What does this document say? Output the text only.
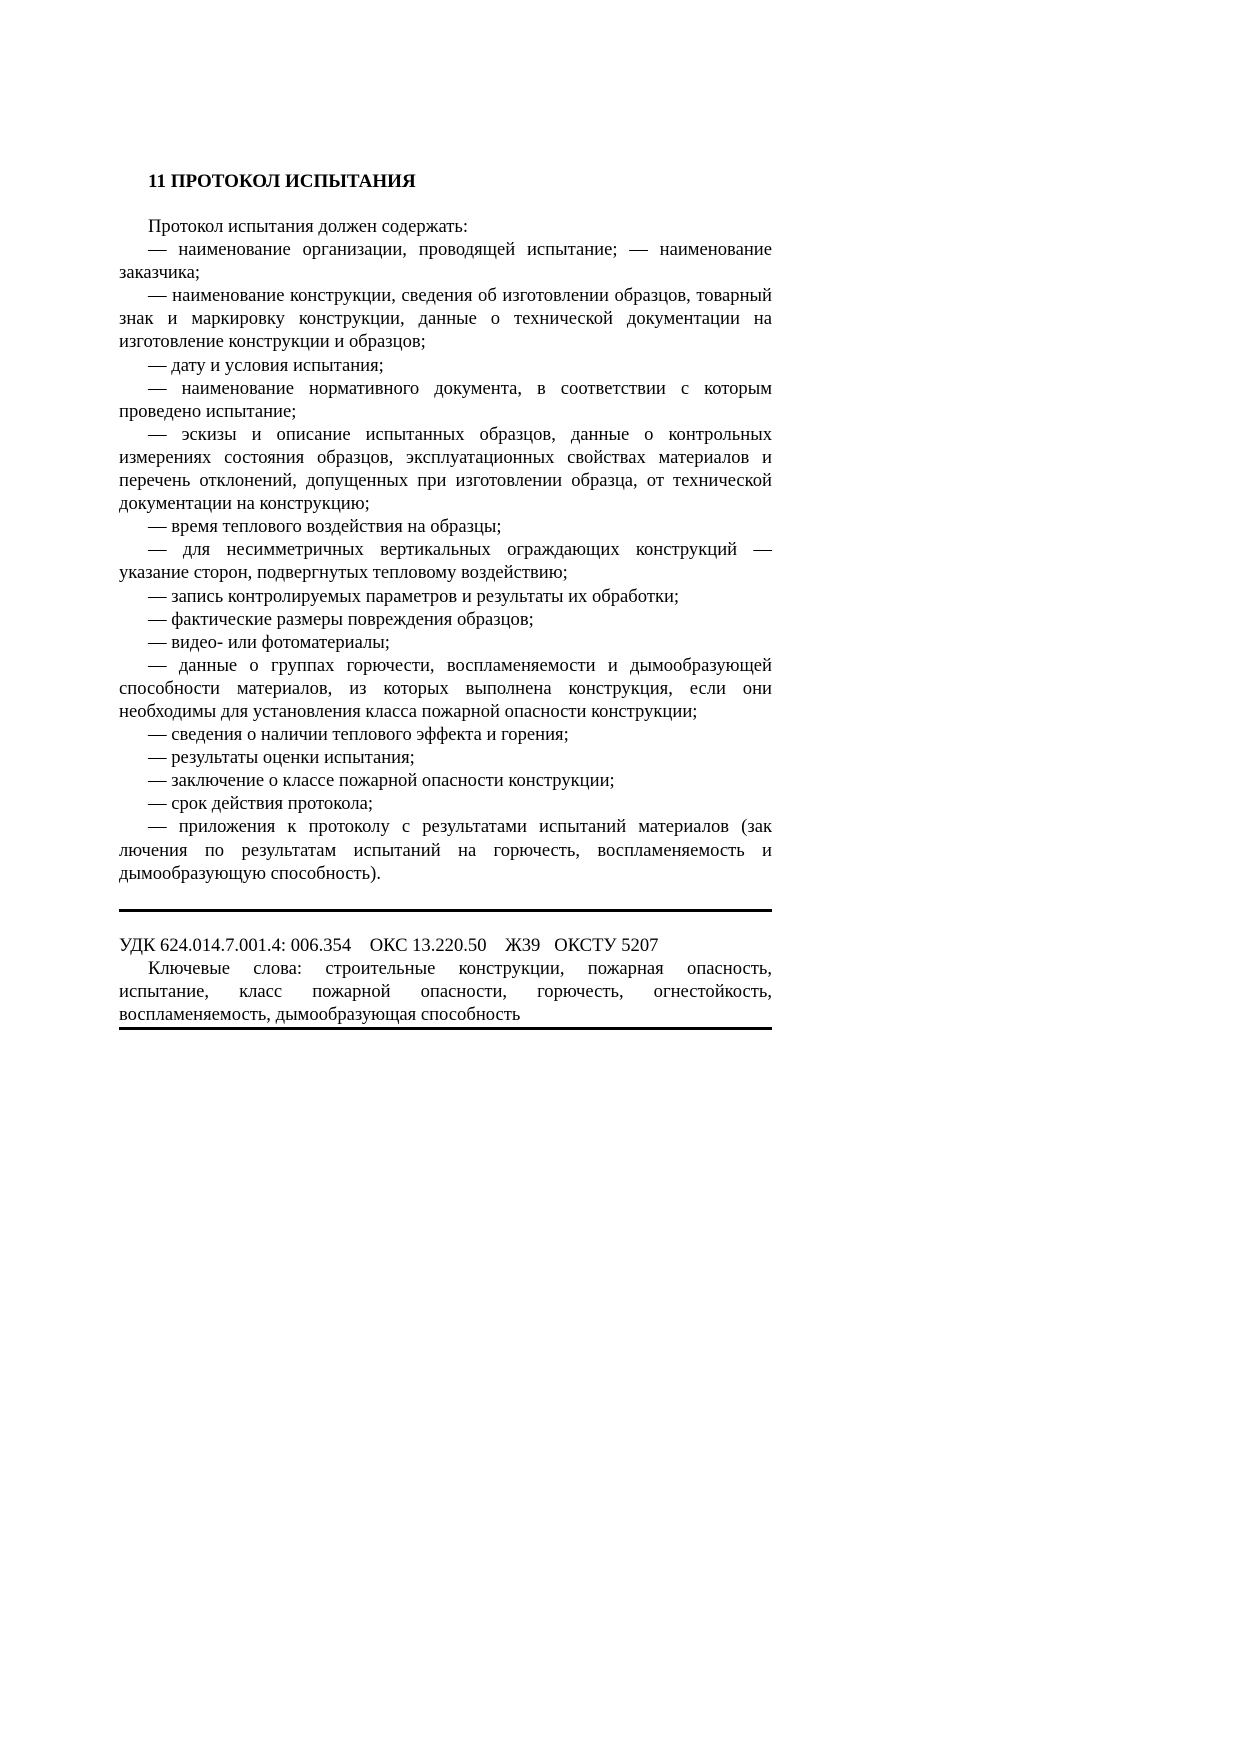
11 ПРОТОКОЛ ИСПЫТАНИЯ

Протокол испытания должен содержать:

— наименование организации, проводящей испытание; — наименование заказчика;

— наименование конструкции, сведения об изготовлении образцов, товарный знак и маркировку конструкции, данные о технической документации на изготовление конструкции и образцов;

— дату и условия испытания;

— наименование нормативного документа, в соответствии с которым проведено испытание;

— эскизы и описание испытанных образцов, данные о контрольных измерениях состояния образцов, эксплуатационных свойствах материалов и перечень отклонений, допущенных при изготовлении образца, от технической документации на конструкцию;

— время теплового воздействия на образцы;

— для несимметричных вертикальных ограждающих конструкций — указание сторон, подвергнутых тепловому воздействию;

— запись контролируемых параметров и результаты их обработки;

— фактические размеры повреждения образцов;

— видео- или фотоматериалы;

— данные о группах горючести, воспламеняемости и дымообразующей способности материалов, из которых выполнена конструкция, если они необходимы для установления класса пожарной опасности конструкции;

— сведения о наличии теплового эффекта и горения;

— результаты оценки испытания;

— заключение о классе пожарной опасности конструкции;

— срок действия протокола;

— приложения к протоколу с результатами испытаний материалов (зак лючения по результатам испытаний на горючесть, воспламеняемость и дымообразующую способность).

УДК 624.014.7.001.4: 006.354    ОКС 13.220.50    Ж39   ОКСТУ 5207

Ключевые слова: строительные конструкции, пожарная опасность, испытание, класс пожарной опасности, горючесть, огнестойкость, воспламеняемость, дымообразующая способность
